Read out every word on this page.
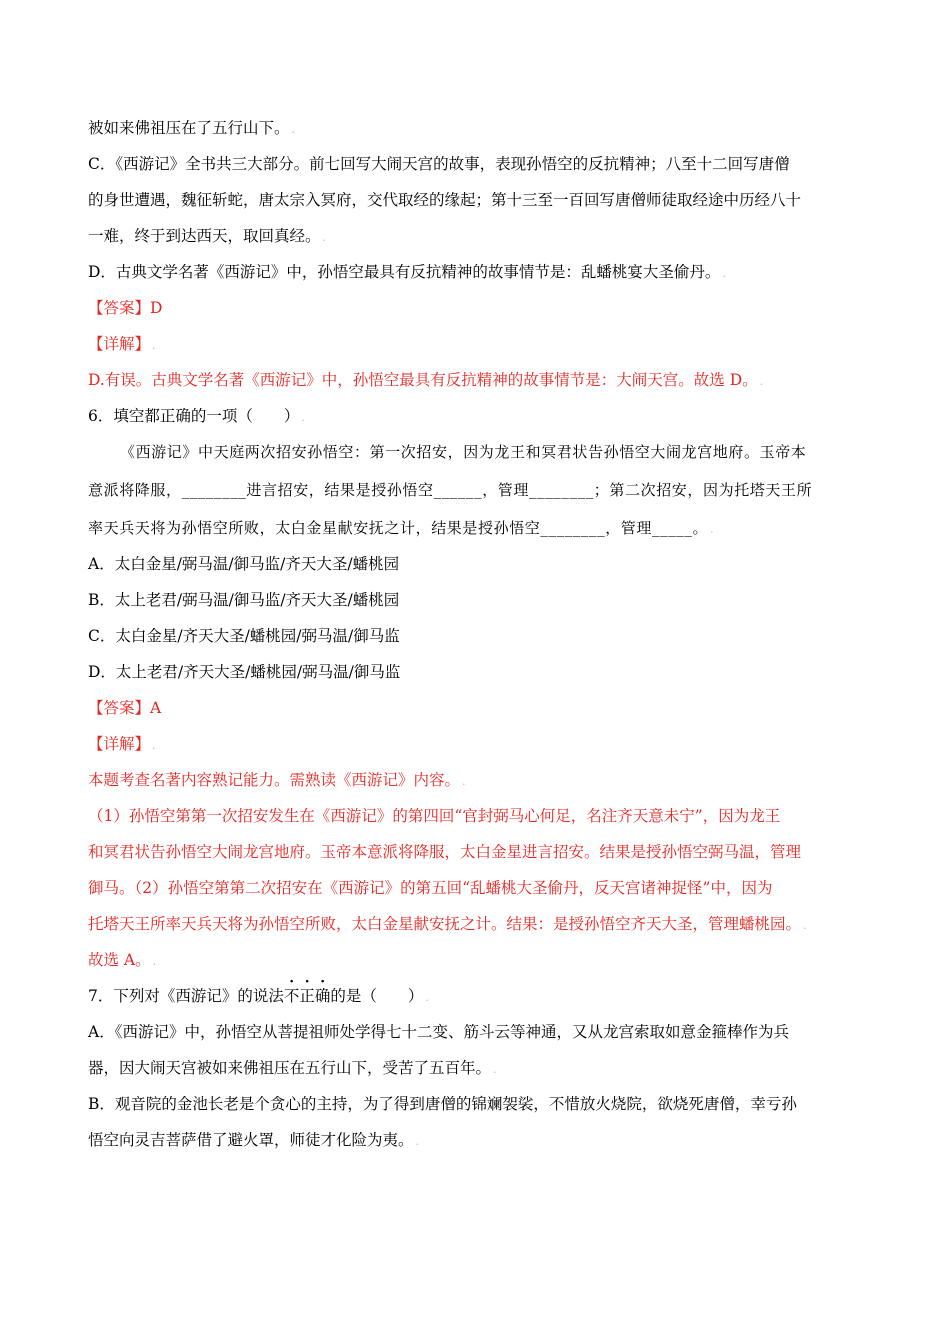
被如来佛祖压在了五行山下。 .
C．《西游记》全书共三大部分。前七回写大闹天宫的故事，表现孙悟空的反抗精神；八至十二回写唐僧
的身世遭遇，魏征斩蛇，唐太宗入冥府，交代取经的缘起；第十三至一百回写唐僧师徒取经途中历经八十
一难，终于到达西天，取回真经。 .
D．古典文学名著《西游记》中，孙悟空最具有反抗精神的故事情节是：乱蟠桃宴大圣偷丹。 .
【答案】D
【详解】 .
D.有误。古典文学名著《西游记》中，孙悟空最具有反抗精神的故事情节是：大闹天宫。故选 D。 .
6．填空都正确的一项（　　） .
《西游记》中天庭两次招安孙悟空：第一次招安，因为龙王和冥君状告孙悟空大闹龙宫地府。玉帝本
意派将降服，________进言招安，结果是授孙悟空______，管理________；第二次招安，因为托塔天王所
率天兵天将为孙悟空所败，太白金星献安抚之计，结果是授孙悟空________，管理_____。 .
A．太白金星/弼马温/御马监/齐天大圣/蟠桃园
B．太上老君/弼马温/御马监/齐天大圣/蟠桃园
C．太白金星/齐天大圣/蟠桃园/弼马温/御马监
D．太上老君/齐天大圣/蟠桃园/弼马温/御马监
【答案】A
【详解】 .
本题考查名著内容熟记能力。需熟读《西游记》内容。 .
（1）孙悟空第第一次招安发生在《西游记》的第四回“官封弼马心何足，名注齐天意未宁”，因为龙王
和冥君状告孙悟空大闹龙宫地府。玉帝本意派将降服，太白金星进言招安。结果是授孙悟空弼马温，管理
御马。（2）孙悟空第第二次招安在《西游记》的第五回“乱蟠桃大圣偷丹，反天宫诸神捉怪”中，因为
托塔天王所率天兵天将为孙悟空所败，太白金星献安抚之计。结果：是授孙悟空齐天大圣，管理蟠桃园。 .
故选 A。 .
7．下列对《西游记》的说法不正确的是（　　） .
A．《西游记》中，孙悟空从菩提祖师处学得七十二变、筋斗云等神通，又从龙宫索取如意金箍棒作为兵
器，因大闹天宫被如来佛祖压在五行山下，受苦了五百年。 .
B．观音院的金池长老是个贪心的主持，为了得到唐僧的锦斓袈裟，不惜放火烧院，欲烧死唐僧，幸亏孙
悟空向灵吉菩萨借了避火罩，师徒才化险为夷。 .
